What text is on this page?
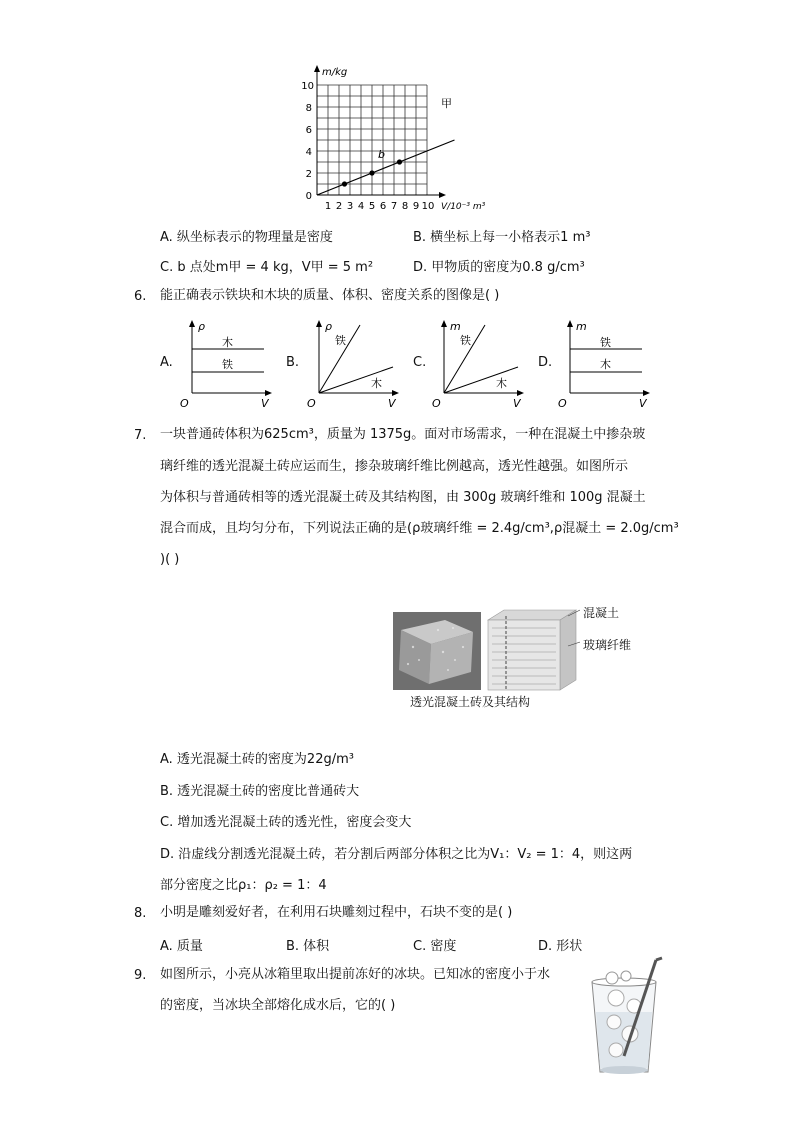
m/kg
0
2
4
6
8
10
1 2 3 4 5 6 7 8 9 10 V/10⁻³ m³
甲
b
A. 纵坐标表示的物理量是密度	B. 横坐标上每一小格表示1 m³
C. b 点处m甲 = 4 kg，V甲 = 5 m²	D. 甲物质的密度为0.8 g/cm³
6. 能正确表示铁块和木块的质量、体积、密度关系的图像是( )
A.
ρ
V
O
木
铁	B.
ρ
V
O
铁
木
C.
m
V
O
铁
木
D.
m
V
O
铁
木
7. 一块普通砖体积为625cm³，质量为 1375g。面对市场需求，一种在混凝土中掺杂玻
璃纤维的透光混凝土砖应运而生，掺杂玻璃纤维比例越高，透光性越强。如图所示
为体积与普通砖相等的透光混凝土砖及其结构图，由 300g 玻璃纤维和 100g 混凝土
混合而成，且均匀分布，下列说法正确的是(ρ玻璃纤维 = 2.4g/cm³,ρ混凝土 = 2.0g/cm³
)( )
混凝土
玻璃纤维
透光混凝土砖及其结构
A. 透光混凝土砖的密度为22g/m³
B. 透光混凝土砖的密度比普通砖大
C. 增加透光混凝土砖的透光性，密度会变大
D. 沿虚线分割透光混凝土砖，若分割后两部分体积之比为V₁：V₂ = 1：4，则这两
部分密度之比ρ₁：ρ₂ = 1：4
8. 小明是雕刻爱好者，在利用石块雕刻过程中，石块不变的是( )
A. 质量	B. 体积	C. 密度	D. 形状
9. 如图所示，小亮从冰箱里取出提前冻好的冰块。已知冰的密度小于水
的密度，当冰块全部熔化成水后，它的( )
